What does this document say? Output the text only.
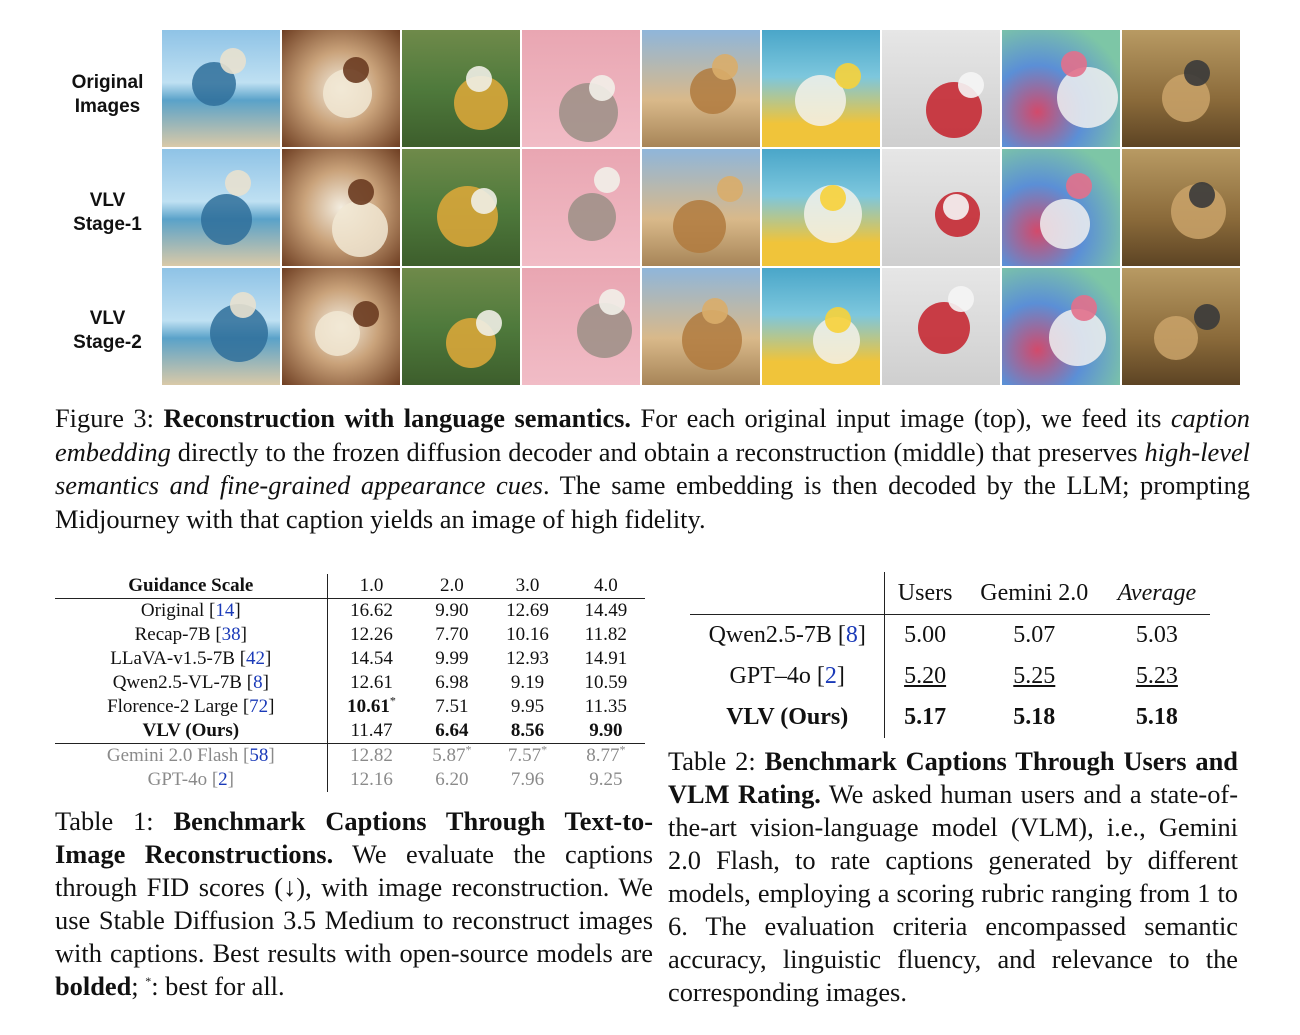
Original
Images
VLV
Stage-1
VLV
Stage-2
Figure 3: Reconstruction with language semantics. For each original input image (top), we feed its caption embedding directly to the frozen diffusion decoder and obtain a reconstruction (middle) that preserves high-level semantics and fine-grained appearance cues. The same embedding is then decoded by the LLM; prompting Midjourney with that caption yields an image of high fidelity.
Guidance Scale	1.0	2.0	3.0	4.0
Original [14]	16.62	9.90	12.69	14.49
Recap-7B [38]	12.26	7.70	10.16	11.82
LLaVA-v1.5-7B [42]	14.54	9.99	12.93	14.91
Qwen2.5-VL-7B [8]	12.61	6.98	9.19	10.59
Florence-2 Large [72]	10.61*	7.51	9.95	11.35
VLV (Ours)	11.47	6.64	8.56	9.90
Gemini 2.0 Flash [58]	12.82	5.87*	7.57*	8.77*
GPT-4o [2]	12.16	6.20	7.96	9.25
Table 1: Benchmark Captions Through Text-to-Image Reconstructions. We evaluate the captions through FID scores (↓), with image reconstruction. We use Stable Diffusion 3.5 Medium to reconstruct images with captions. Best results with open-source models are bolded; *: best for all.
	Users	Gemini 2.0	Average
Qwen2.5-7B [8]	5.00	5.07	5.03
GPT–4o [2]	5.20	5.25	5.23
VLV (Ours)	5.17	5.18	5.18
Table 2: Benchmark Captions Through Users and VLM Rating. We asked human users and a state-of-the-art vision-language model (VLM), i.e., Gemini 2.0 Flash, to rate captions generated by different models, employing a scoring rubric ranging from 1 to 6. The evaluation criteria encompassed semantic accuracy, linguistic fluency, and relevance to the corresponding images.
